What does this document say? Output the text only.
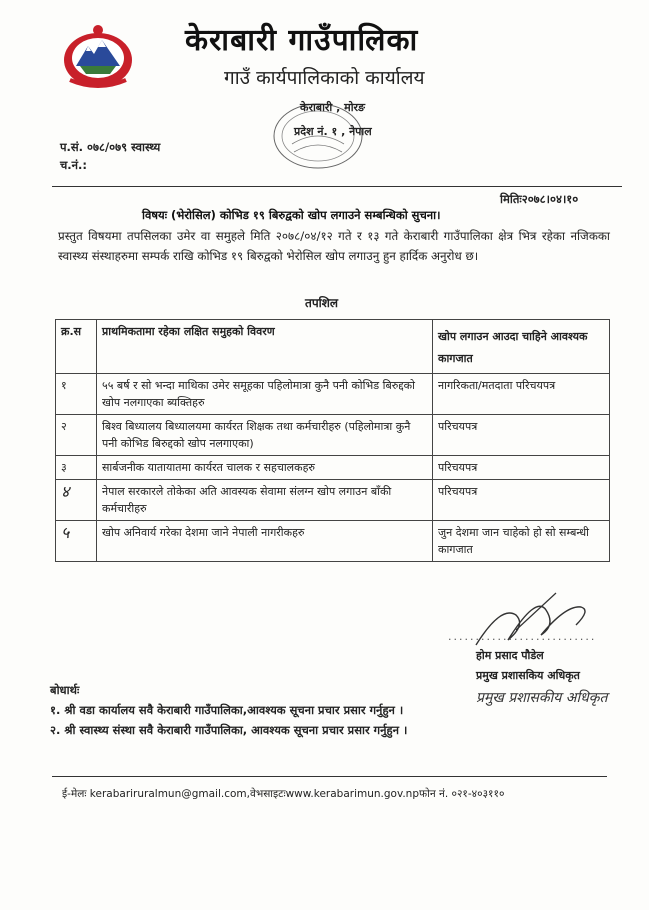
केराबारी गाउँपालिका
गाउँ कार्यपालिकाको कार्यालय
केराबारी , मोरङ
प्रदेश नं. १ , नेपाल
प.सं. ०७८/०७९ स्वास्थ्य
च.नं.:
मितिः२०७८।०४।१०
विषयः (भेरोसिल) कोभिड १९ बिरुद्वको खोप लगाउने सम्बन्धिको सुचना।
प्रस्तुत विषयमा तपसिलका उमेर वा समुहले मिति २०७८/०४/१२ गते र १३ गते केराबारी गाउँपालिका क्षेत्र भित्र रहेका नजिकका स्वास्थ्य संस्थाहरुमा सम्पर्क राखि कोभिड १९ बिरुद्वको भेरोसिल खोप लगाउनु हुन हार्दिक अनुरोध छ।
तपशिल
क्र.स	प्राथमिकतामा रहेका लक्षित समुहको विवरण	खोप लगाउन आउदा चाहिने आवश्यक कागजात
१	५५ बर्ष र सो भन्दा माथिका उमेर समूहका पहिलोमात्रा कुनै पनी कोभिड बिरुद्दको खोप नलगाएका ब्यक्तिहरु	नागरिकता/मतदाता परिचयपत्र
२	बिश्व बिध्यालय बिध्यालयमा कार्यरत शिक्षक तथा कर्मचारीहरु (पहिलोमात्रा कुनै पनी कोभिड बिरुद्दको खोप नलगाएका)	परिचयपत्र
३	सार्बजनीक यातायातमा कार्यरत चालक र सहचालकहरु	परिचयपत्र
४	नेपाल सरकारले तोकेका अति आवस्यक सेवामा संलग्न खोप लगाउन बाँकी कर्मचारीहरु	परिचयपत्र
५	खोप अनिवार्य गरेका देशमा जाने नेपाली नागरीकहरु	जुन देशमा जान चाहेको हो सो सम्बन्धी कागजात
...........................
होम प्रसाद पौडेल
प्रमुख प्रशासकिय अधिकृत
प्रमुख प्रशासकीय अधिकृत
बोधार्थः
१. श्री वडा कार्यालय सवै केराबारी गाउँपालिका,आवश्यक सूचना प्रचार प्रसार गर्नुहुन ।
२. श्री स्वास्थ्य संस्था सवै केराबारी गाउँपालिका, आवश्यक सूचना प्रचार प्रसार गर्नुहुन ।
ई-मेलः kerabariruralmun@gmail.com,वेभसाइटःwww.kerabarimun.gov.npफोन नं. ०२१-४०३११०
